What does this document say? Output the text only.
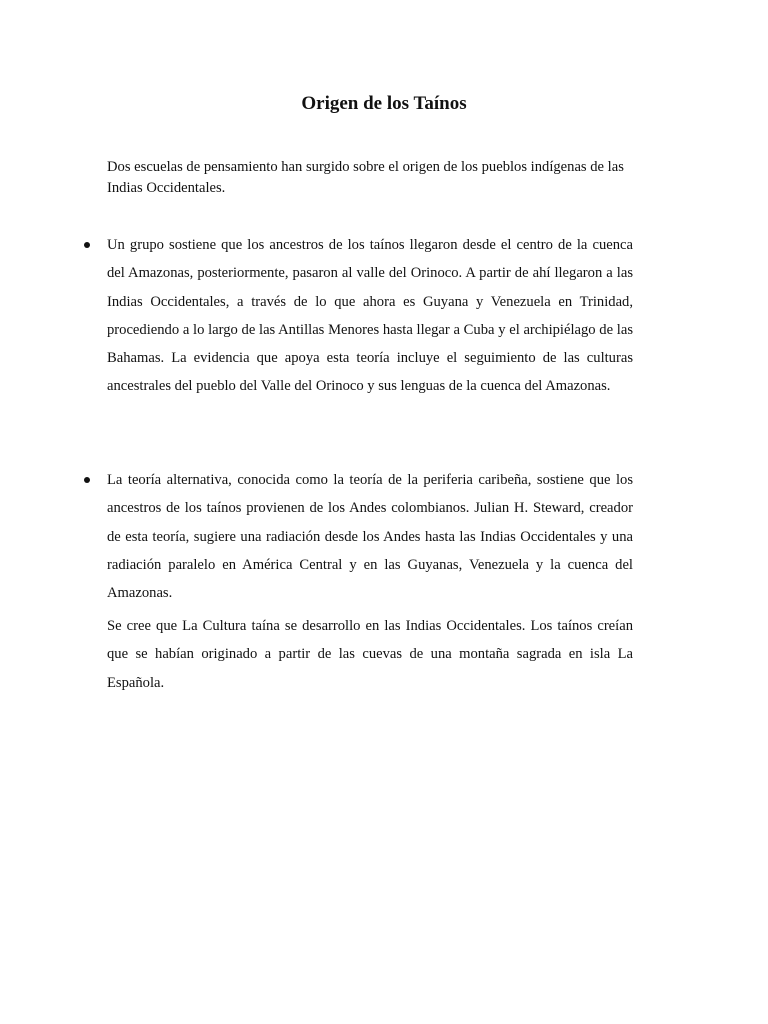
Origen de los Taínos

Dos escuelas de pensamiento han surgido sobre el origen de los pueblos indígenas de las Indias Occidentales.

Un grupo sostiene que los ancestros de los taínos llegaron desde el centro de la cuenca del Amazonas, posteriormente, pasaron al valle del Orinoco. A partir de ahí llegaron a las Indias Occidentales, a través de lo que ahora es Guyana y Venezuela en Trinidad, procediendo a lo largo de las Antillas Menores hasta llegar a Cuba y el archipiélago de las Bahamas. La evidencia que apoya esta teoría incluye el seguimiento de las culturas ancestrales del pueblo del Valle del Orinoco y sus lenguas de la cuenca del Amazonas.
La teoría alternativa, conocida como la teoría de la periferia caribeña, sostiene que los ancestros de los taínos provienen de los Andes colombianos. Julian H. Steward, creador de esta teoría, sugiere una radiación desde los Andes hasta las Indias Occidentales y una radiación paralelo en América Central y en las Guyanas, Venezuela y la cuenca del Amazonas.

Se cree que La Cultura taína se desarrollo en las Indias Occidentales. Los taínos creían que se habían originado a partir de las cuevas de una montaña sagrada en isla La Española.
